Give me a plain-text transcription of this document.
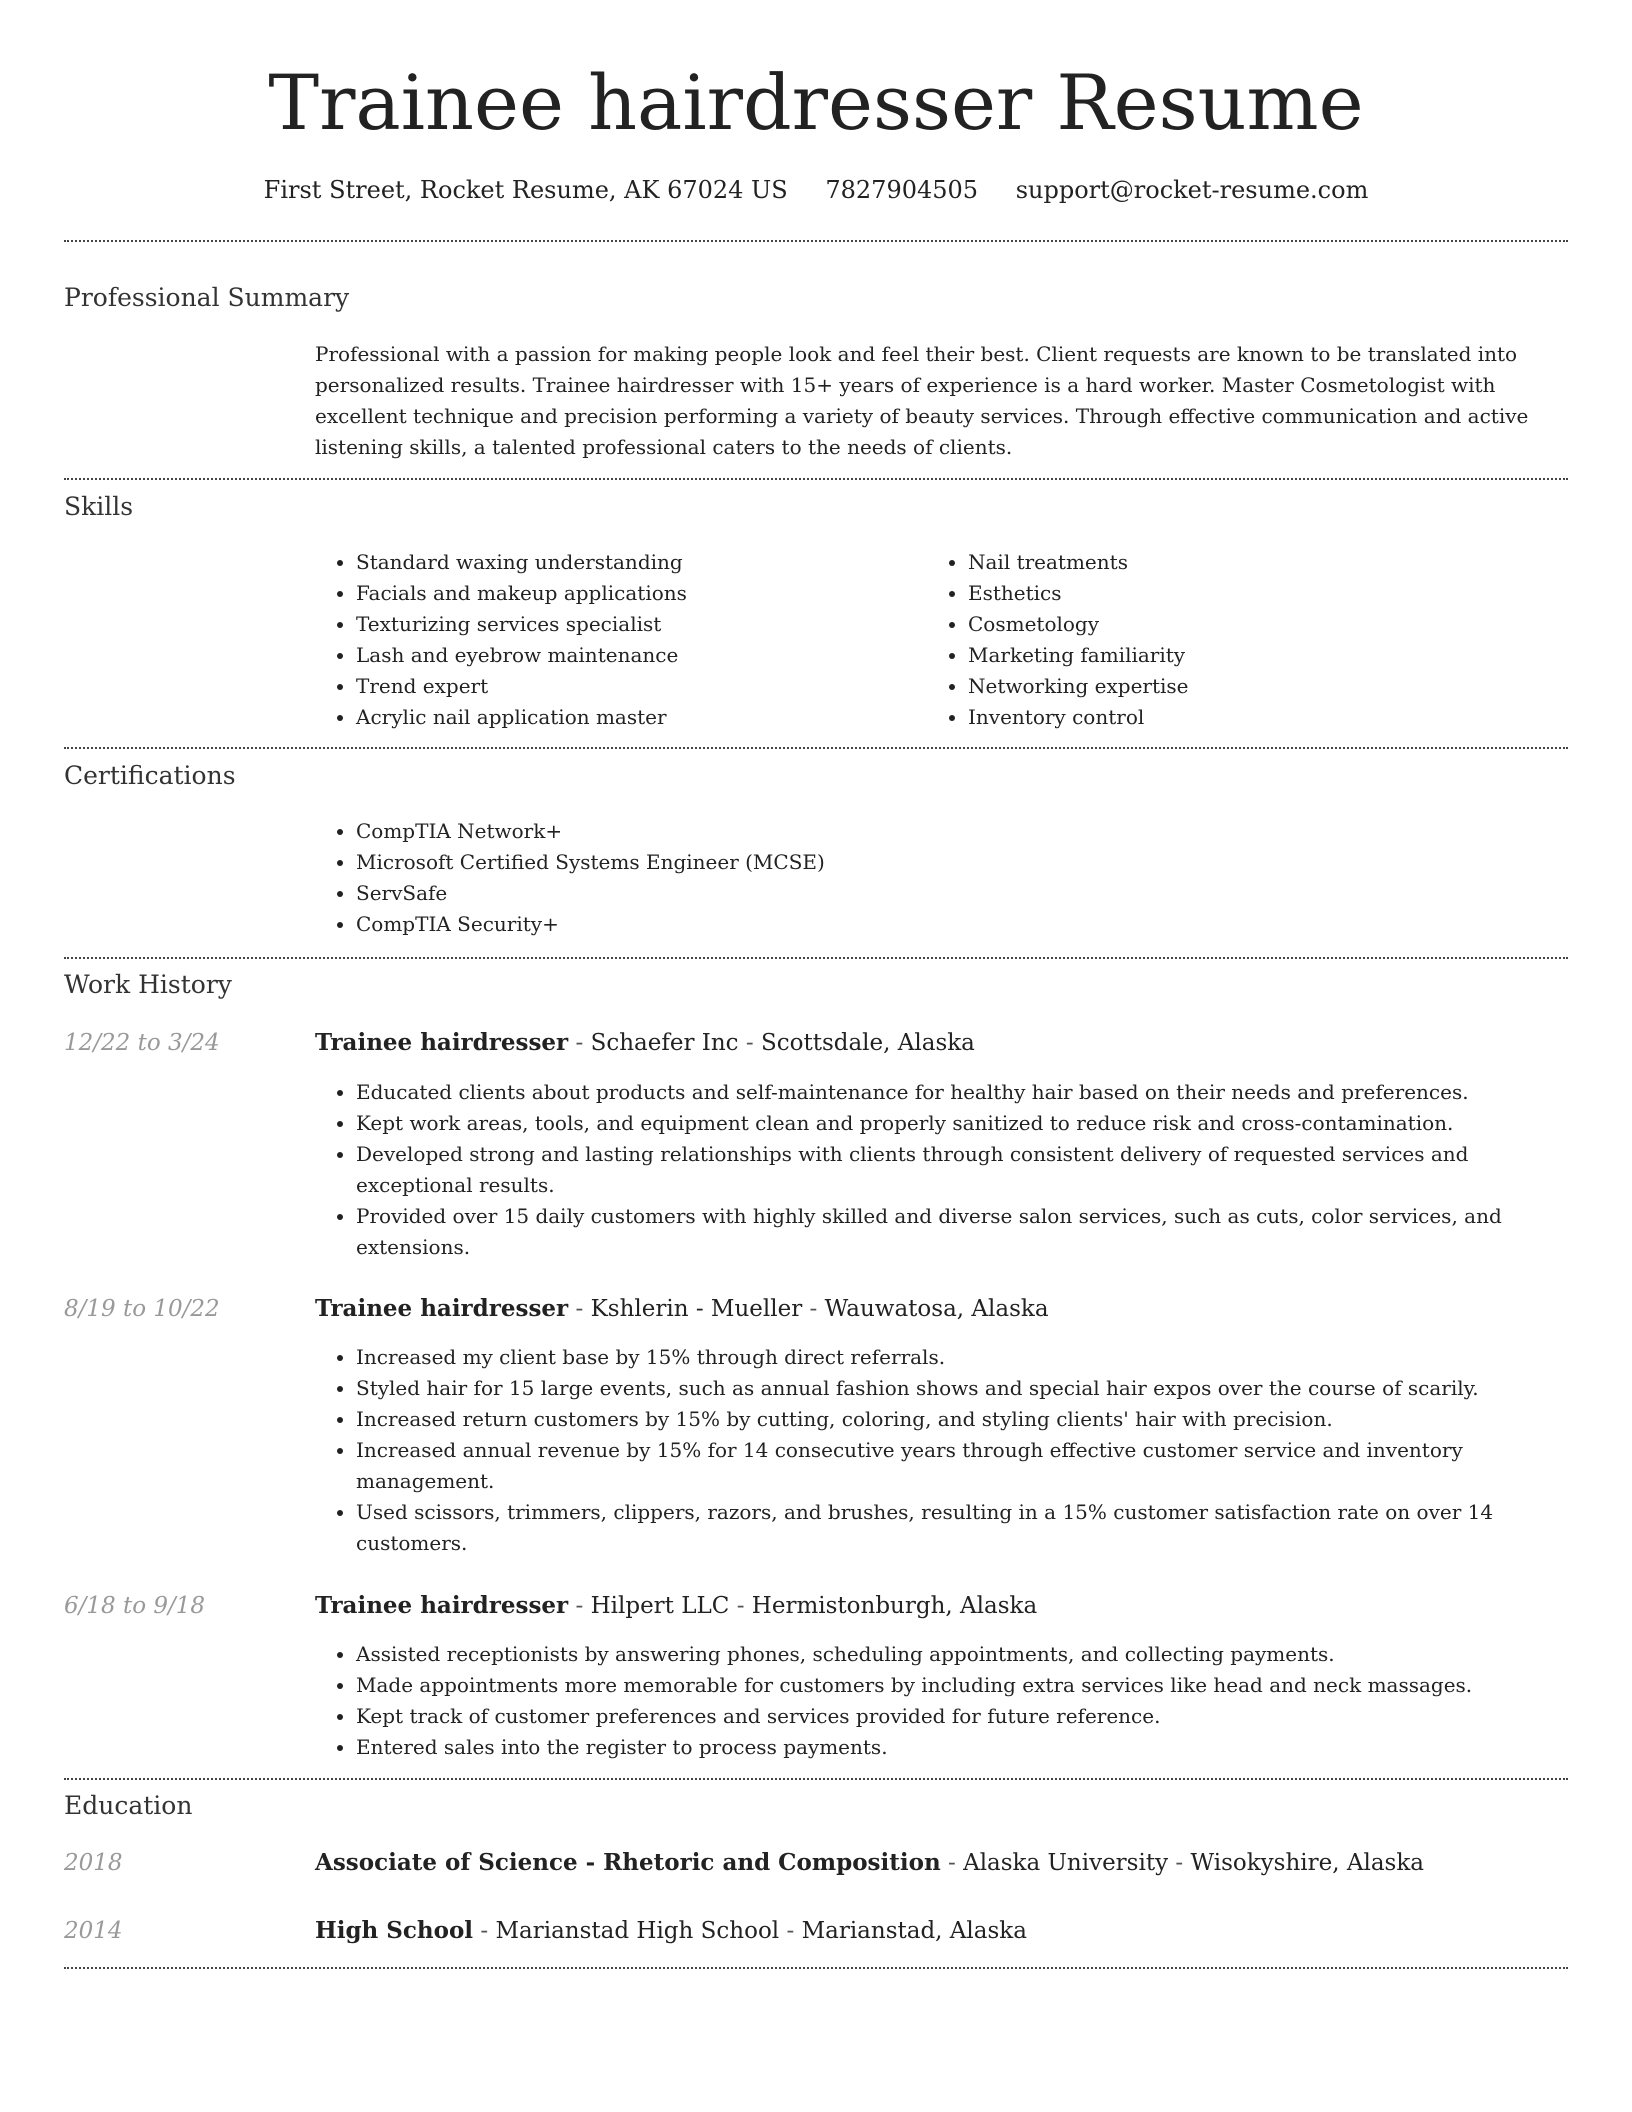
Trainee hairdresser Resume
First Street, Rocket Resume, AK 67024 US 7827904505 support@rocket-resume.com
Professional Summary
Professional with a passion for making people look and feel their best. Client requests are known to be translated into personalized results. Trainee hairdresser with 15+ years of experience is a hard worker. Master Cosmetologist with excellent technique and precision performing a variety of beauty services. Through effective communication and active listening skills, a talented professional caters to the needs of clients.
Skills
• Standard waxing understanding
• Facials and makeup applications
• Texturizing services specialist
• Lash and eyebrow maintenance
• Trend expert
• Acrylic nail application master
• Nail treatments
• Esthetics
• Cosmetology
• Marketing familiarity
• Networking expertise
• Inventory control
Certifications
• CompTIA Network+
• Microsoft Certified Systems Engineer (MCSE)
• ServSafe
• CompTIA Security+
Work History
12/22 to 3/24	Trainee hairdresser - Schaefer Inc - Scottsdale, Alaska
• Educated clients about products and self-maintenance for healthy hair based on their needs and preferences.
• Kept work areas, tools, and equipment clean and properly sanitized to reduce risk and cross-contamination.
• Developed strong and lasting relationships with clients through consistent delivery of requested services and exceptional results.
• Provided over 15 daily customers with highly skilled and diverse salon services, such as cuts, color services, and extensions.
8/19 to 10/22	Trainee hairdresser - Kshlerin - Mueller - Wauwatosa, Alaska
• Increased my client base by 15% through direct referrals.
• Styled hair for 15 large events, such as annual fashion shows and special hair expos over the course of scarily.
• Increased return customers by 15% by cutting, coloring, and styling clients' hair with precision.
• Increased annual revenue by 15% for 14 consecutive years through effective customer service and inventory management.
• Used scissors, trimmers, clippers, razors, and brushes, resulting in a 15% customer satisfaction rate on over 14 customers.
6/18 to 9/18	Trainee hairdresser - Hilpert LLC - Hermistonburgh, Alaska
• Assisted receptionists by answering phones, scheduling appointments, and collecting payments.
• Made appointments more memorable for customers by including extra services like head and neck massages.
• Kept track of customer preferences and services provided for future reference.
• Entered sales into the register to process payments.
Education
2018	Associate of Science - Rhetoric and Composition - Alaska University - Wisokyshire, Alaska
2014	High School - Marianstad High School - Marianstad, Alaska
